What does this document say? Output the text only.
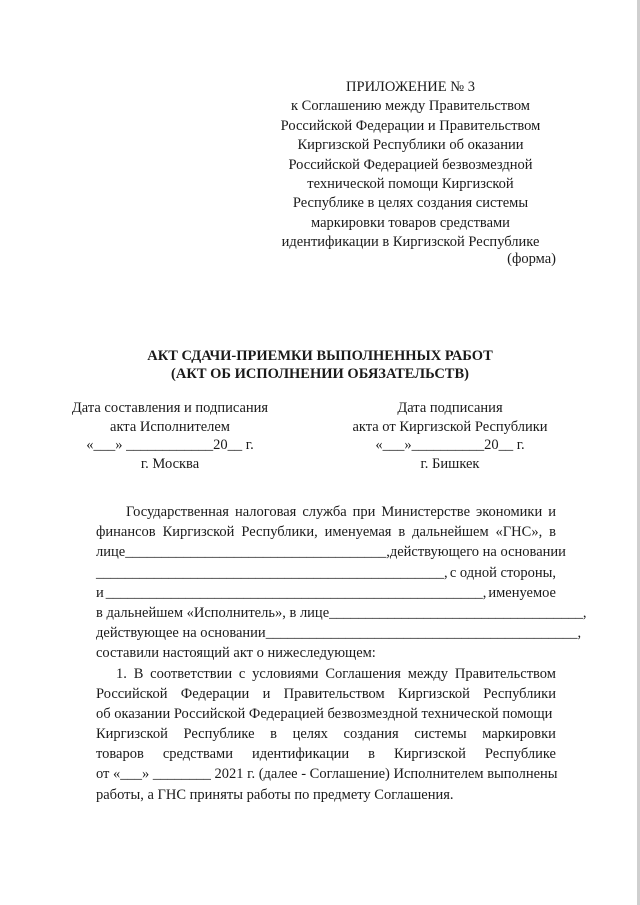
ПРИЛОЖЕНИЕ № 3
к Соглашению между Правительством
Российской Федерации и Правительством
Киргизской Республики об оказании
Российской Федерацией безвозмездной
технической помощи Киргизской
Республике в целях создания системы
маркировки товаров средствами
идентификации в Киргизской Республике
(форма)
АКТ СДАЧИ-ПРИЕМКИ ВЫПОЛНЕННЫХ РАБОТ
(АКТ ОБ ИСПОЛНЕНИИ ОБЯЗАТЕЛЬСТВ)
Дата составления и подписания
акта Исполнителем
«___» ____________20__ г.
г. Москва
Дата подписания
акта от Киргизской Республики
«___»__________20__ г.
г. Бишкек
Государственная налоговая служба при Министерстве экономики и
финансов Киргизской Республики, именуемая в дальнейшем «ГНС», в
лице____________________________________, действующего на основании
________________________________________________, с одной стороны,
и ____________________________________________________, именуемое
в дальнейшем «Исполнитель», в лице___________________________________,
действующее на основании ___________________________________________,
составили настоящий акт о нижеследующем:
1. В соответствии с условиями Соглашения между Правительством
Российской Федерации и Правительством Киргизской Республики
об оказании Российской Федерацией безвозмездной технической помощи
Киргизской Республике в целях создания системы маркировки
товаров средствами идентификации в Киргизской Республике
от «___» ________ 2021 г. (далее - Соглашение) Исполнителем выполнены
работы, а ГНС приняты работы по предмету Соглашения.
